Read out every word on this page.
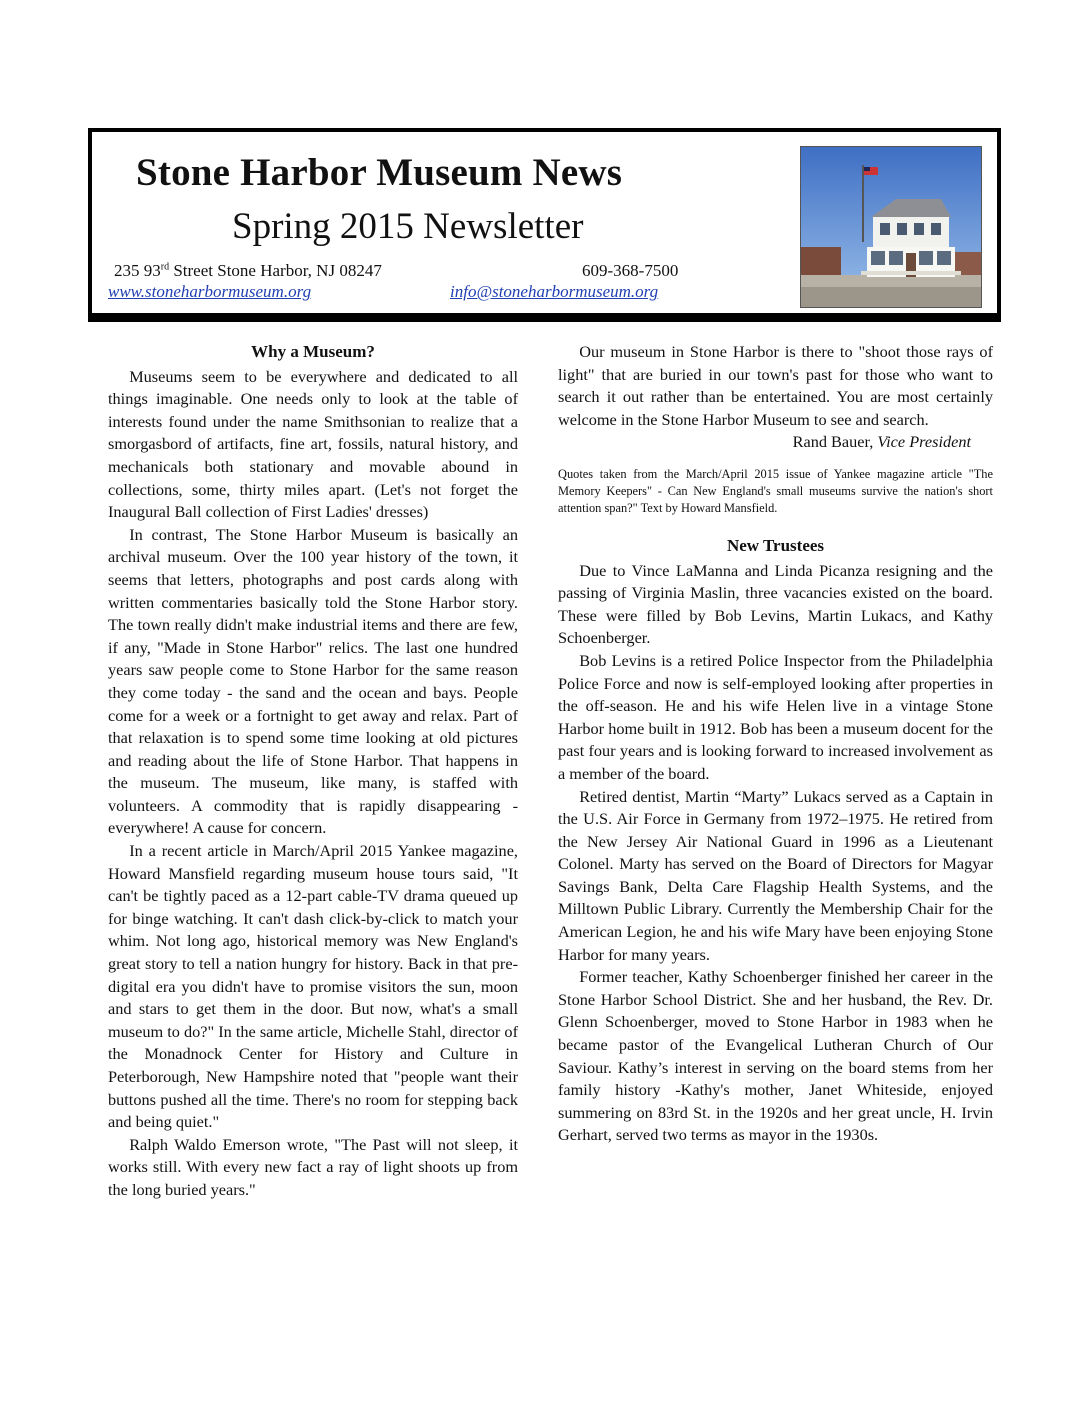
Stone Harbor Museum News
Spring 2015 Newsletter
235 93rd Street Stone Harbor, NJ 08247	609-368-7500
www.stoneharbormuseum.org	info@stoneharbormuseum.org
Why a Museum?

Museums seem to be everywhere and dedicated to all things imaginable. One needs only to look at the table of interests found under the name Smithsonian to realize that a smorgasbord of artifacts, fine art, fossils, natural history, and mechanicals both stationary and movable abound in collections, some, thirty miles apart. (Let's not forget the Inaugural Ball collection of First Ladies' dresses)

In contrast, The Stone Harbor Museum is basically an archival museum. Over the 100 year history of the town, it seems that letters, photographs and post cards along with written commentaries basically told the Stone Harbor story. The town really didn't make industrial items and there are few, if any, "Made in Stone Harbor" relics. The last one hundred years saw people come to Stone Harbor for the same reason they come today - the sand and the ocean and bays. People come for a week or a fortnight to get away and relax. Part of that relaxation is to spend some time looking at old pictures and reading about the life of Stone Harbor. That happens in the museum. The museum, like many, is staffed with volunteers. A commodity that is rapidly disappearing - everywhere! A cause for concern.

In a recent article in March/April 2015 Yankee magazine, Howard Mansfield regarding museum house tours said, "It can't be tightly paced as a 12-part cable-TV drama queued up for binge watching. It can't dash click-by-click to match your whim. Not long ago, historical memory was New England's great story to tell a nation hungry for history. Back in that pre-digital era you didn't have to promise visitors the sun, moon and stars to get them in the door. But now, what's a small museum to do?" In the same article, Michelle Stahl, director of the Monadnock Center for History and Culture in Peterborough, New Hampshire noted that "people want their buttons pushed all the time. There's no room for stepping back and being quiet."

Ralph Waldo Emerson wrote, "The Past will not sleep, it works still. With every new fact a ray of light shoots up from the long buried years."

Our museum in Stone Harbor is there to "shoot those rays of light" that are buried in our town's past for those who want to search it out rather than be entertained. You are most certainly welcome in the Stone Harbor Museum to see and search.

Rand Bauer, Vice President

Quotes taken from the March/April 2015 issue of Yankee magazine article "The Memory Keepers" - Can New England's small museums survive the nation's short attention span?" Text by Howard Mansfield.

New Trustees

Due to Vince LaManna and Linda Picanza resigning and the passing of Virginia Maslin, three vacancies existed on the board. These were filled by Bob Levins, Martin Lukacs, and Kathy Schoenberger.

Bob Levins is a retired Police Inspector from the Philadelphia Police Force and now is self-employed looking after properties in the off-season. He and his wife Helen live in a vintage Stone Harbor home built in 1912. Bob has been a museum docent for the past four years and is looking forward to increased involvement as a member of the board.

Retired dentist, Martin “Marty” Lukacs served as a Captain in the U.S. Air Force in Germany from 1972–1975. He retired from the New Jersey Air National Guard in 1996 as a Lieutenant Colonel. Marty has served on the Board of Directors for Magyar Savings Bank, Delta Care Flagship Health Systems, and the Milltown Public Library. Currently the Membership Chair for the American Legion, he and his wife Mary have been enjoying Stone Harbor for many years.

Former teacher, Kathy Schoenberger finished her career in the Stone Harbor School District. She and her husband, the Rev. Dr. Glenn Schoenberger, moved to Stone Harbor in 1983 when he became pastor of the Evangelical Lutheran Church of Our Saviour. Kathy’s interest in serving on the board stems from her family history -Kathy's mother, Janet Whiteside, enjoyed summering on 83rd St. in the 1920s and her great uncle, H. Irvin Gerhart, served two terms as mayor in the 1930s.
